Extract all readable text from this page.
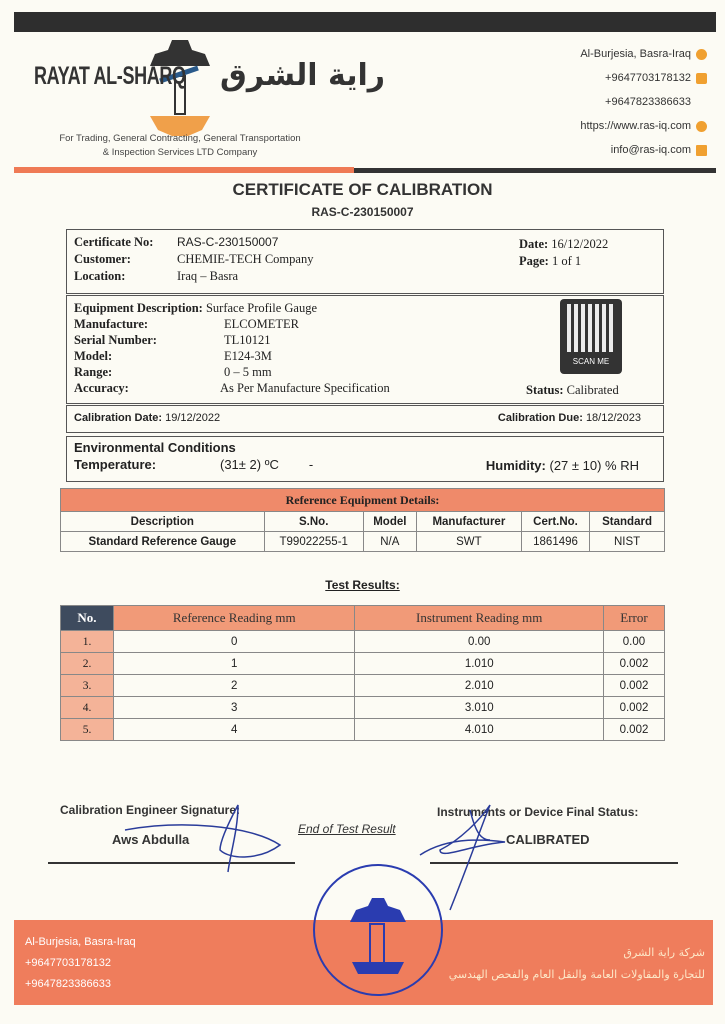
RAYAT AL-SHARQ راية الشرق
For Trading, General Contracting, General Transportation
& Inspection Services LTD Company
Al-Burjesia, Basra-Iraq
+9647703178132
+9647823386633
https://www.ras-iq.com
info@ras-iq.com
CERTIFICATE OF CALIBRATION
RAS-C-230150007
Certificate No: RAS-C-230150007
Customer:	CHEMIE-TECH Company
Location:	Iraq – Basra
Date: 16/12/2022
Page: 1 of 1
Equipment Description: Surface Profile Gauge
Manufacture:	ELCOMETER
Serial Number:	TL10121
Model:	E124-3M
Range:	0 – 5 mm
Accuracy:	As Per Manufacture Specification
SCAN ME
Status: Calibrated
Calibration Date: 19/12/2022	Calibration Due: 18/12/2023
Environmental Conditions
Temperature:	(31± 2) ºC -	Humidity: (27 ± 10) % RH
Reference Equipment Details:					
Description	S.No.	Model	Manufacturer	Cert.No.	Standard
Standard Reference Gauge	T99022255-1	N/A	SWT	1861496	NIST
Test Results:
No.	Reference Reading mm	Instrument Reading mm	Error
1.	0	0.00	0.00
2.	1	1.010	0.002
3.	2	2.010	0.002
4.	3	3.010	0.002
5.	4	4.010	0.002
Calibration Engineer Signature:
Aws Abdulla
End of Test Result
Instruments or Device Final Status:
CALIBRATED
Al-Burjesia, Basra-Iraq
+9647703178132
+9647823386633
شركة راية الشرق
للتجارة والمقاولات العامة والنقل العام والفحص الهندسي
